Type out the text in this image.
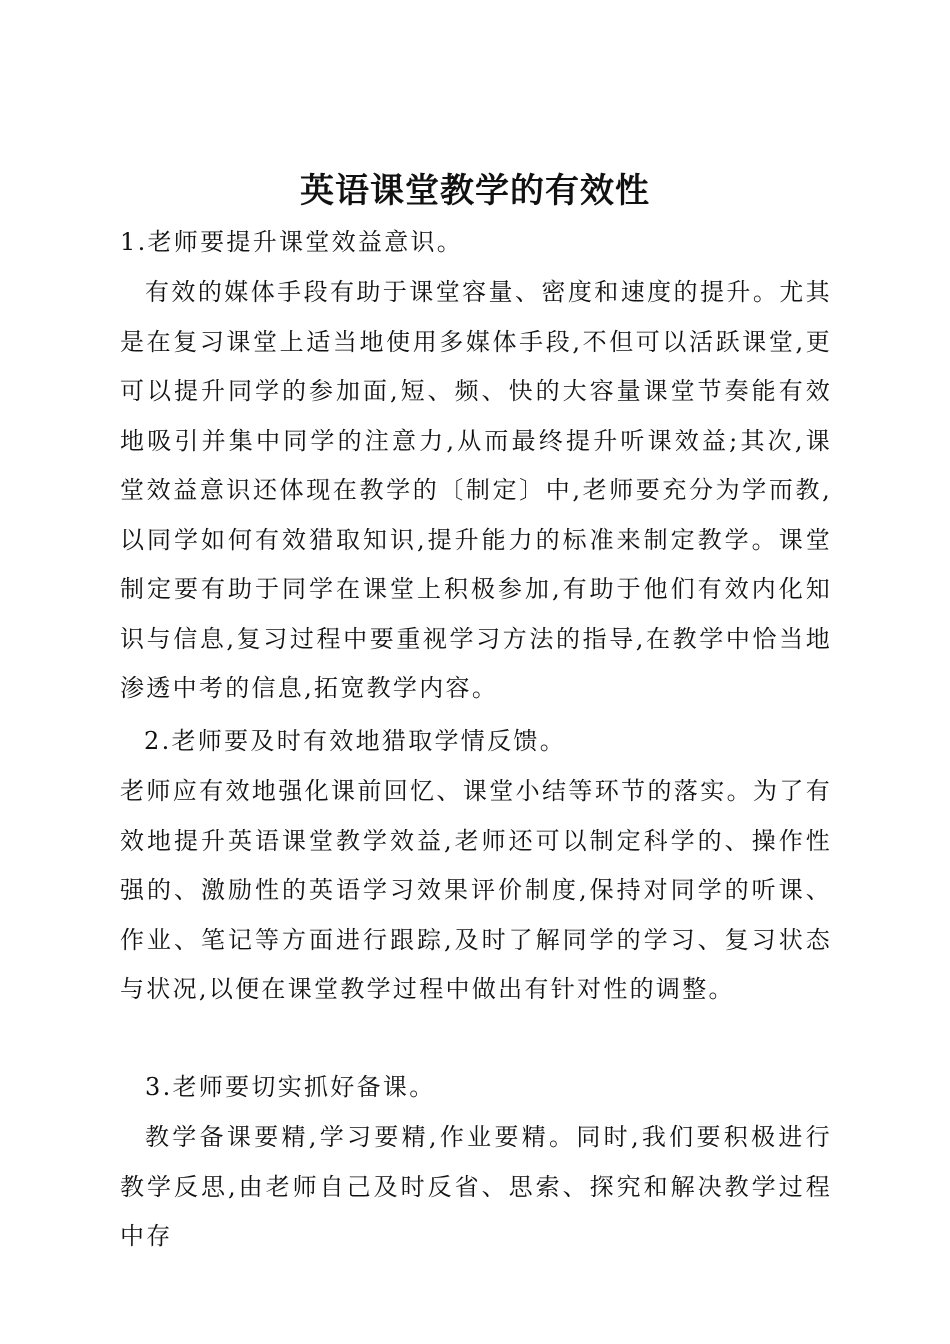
英语课堂教学的有效性

1.老师要提升课堂效益意识。

有效的媒体手段有助于课堂容量、密度和速度的提升。尤其是在复习课堂上适当地使用多媒体手段,不但可以活跃课堂,更可以提升同学的参加面,短、频、快的大容量课堂节奏能有效地吸引并集中同学的注意力,从而最终提升听课效益;其次,课堂效益意识还体现在教学的〔制定〕中,老师要充分为学而教,以同学如何有效猎取知识,提升能力的标准来制定教学。课堂制定要有助于同学在课堂上积极参加,有助于他们有效内化知识与信息,复习过程中要重视学习方法的指导,在教学中恰当地渗透中考的信息,拓宽教学内容。

2.老师要及时有效地猎取学情反馈。

老师应有效地强化课前回忆、课堂小结等环节的落实。为了有效地提升英语课堂教学效益,老师还可以制定科学的、操作性强的、激励性的英语学习效果评价制度,保持对同学的听课、作业、笔记等方面进行跟踪,及时了解同学的学习、复习状态与状况,以便在课堂教学过程中做出有针对性的调整。

3.老师要切实抓好备课。

教学备课要精,学习要精,作业要精。同时,我们要积极进行教学反思,由老师自己及时反省、思索、探究和解决教学过程中存
